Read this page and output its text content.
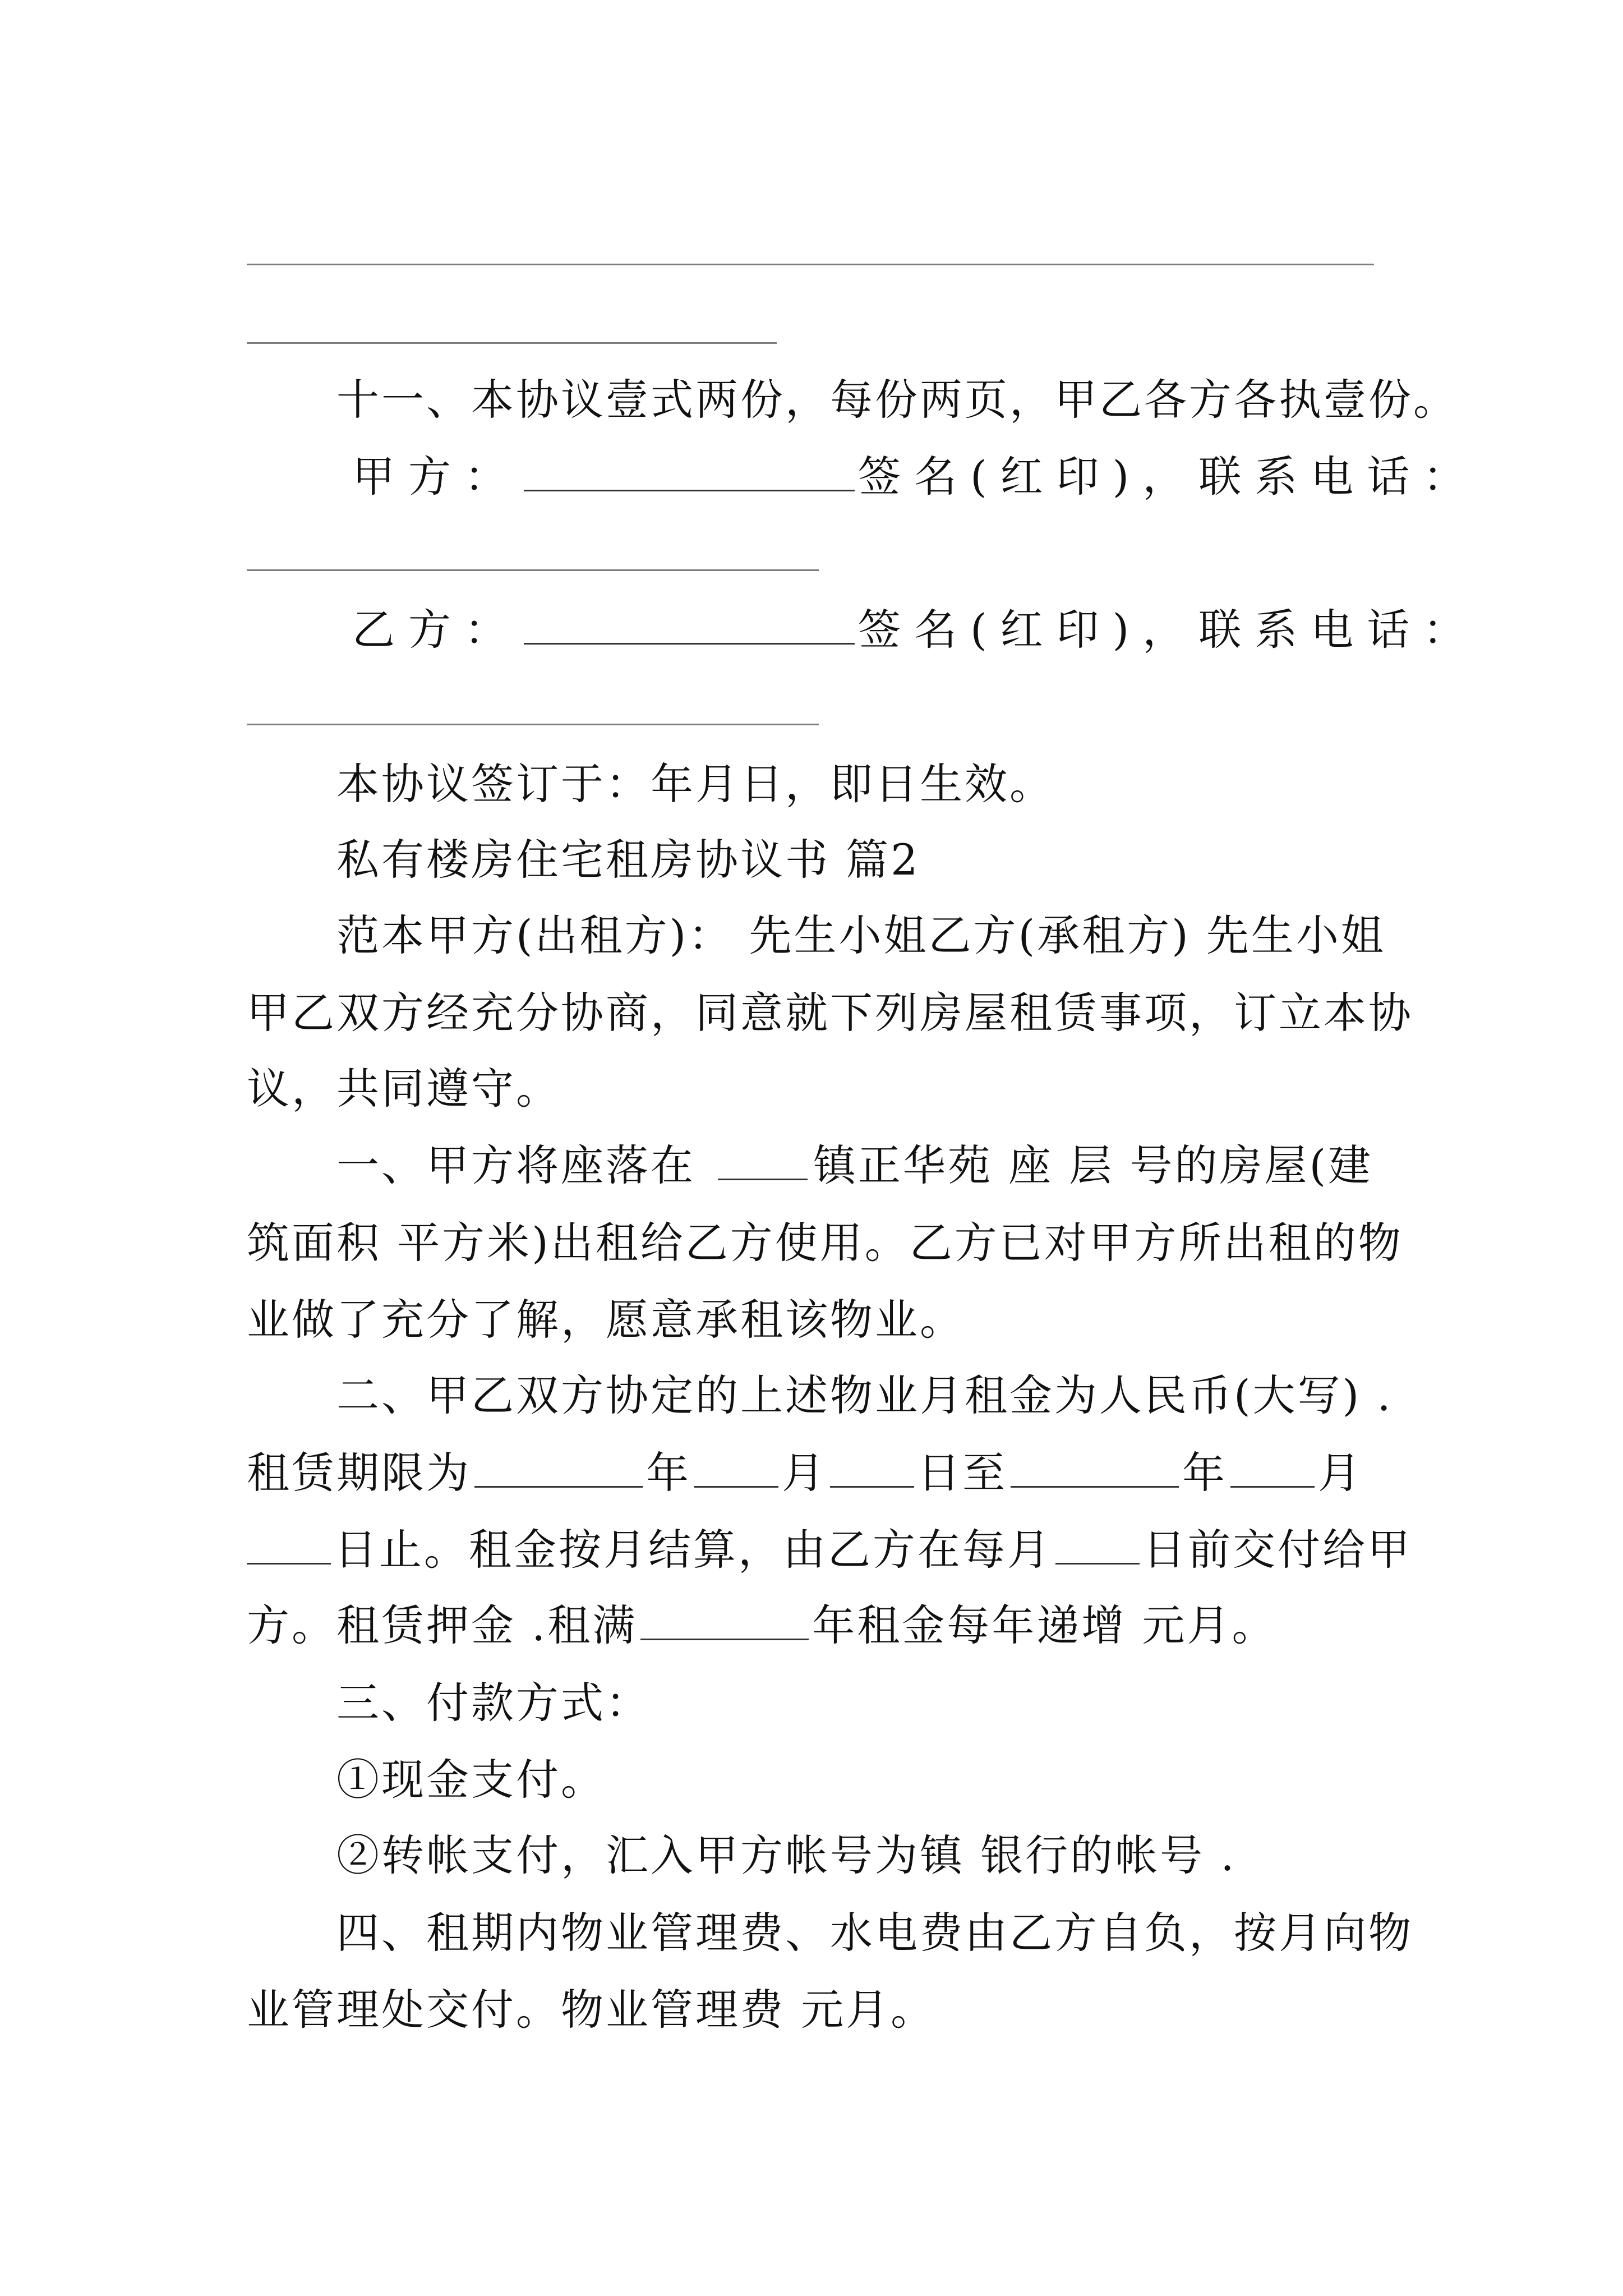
十一、本协议壹式两份，每份两页，甲乙各方各执壹份。
甲方：	签名(红印)，联系电话：
乙方：	签名(红印)，联系电话：
本协议签订于：年月日，即日生效。
私有楼房住宅租房协议书 篇2
范本甲方(出租方)： 先生小姐乙方(承租方) 先生小姐
甲乙双方经充分协商，同意就下列房屋租赁事项，订立本协
议，共同遵守。
一、甲方将座落在	镇正华苑 座 层 号的房屋(建
筑面积 平方米)出租给乙方使用。乙方已对甲方所出租的物
业做了充分了解，愿意承租该物业。
二、甲乙双方协定的上述物业月租金为人民币(大写) .
租赁期限为	年 月 日至	年 月
日止。租金按月结算，由乙方在每月 日前交付给甲
方。租赁押金 .租满	年租金每年递增 元月。
三、付款方式：
①现金支付。
②转帐支付，汇入甲方帐号为镇 银行的帐号 .
四、租期内物业管理费、水电费由乙方自负，按月向物
业管理处交付。物业管理费 元月。
